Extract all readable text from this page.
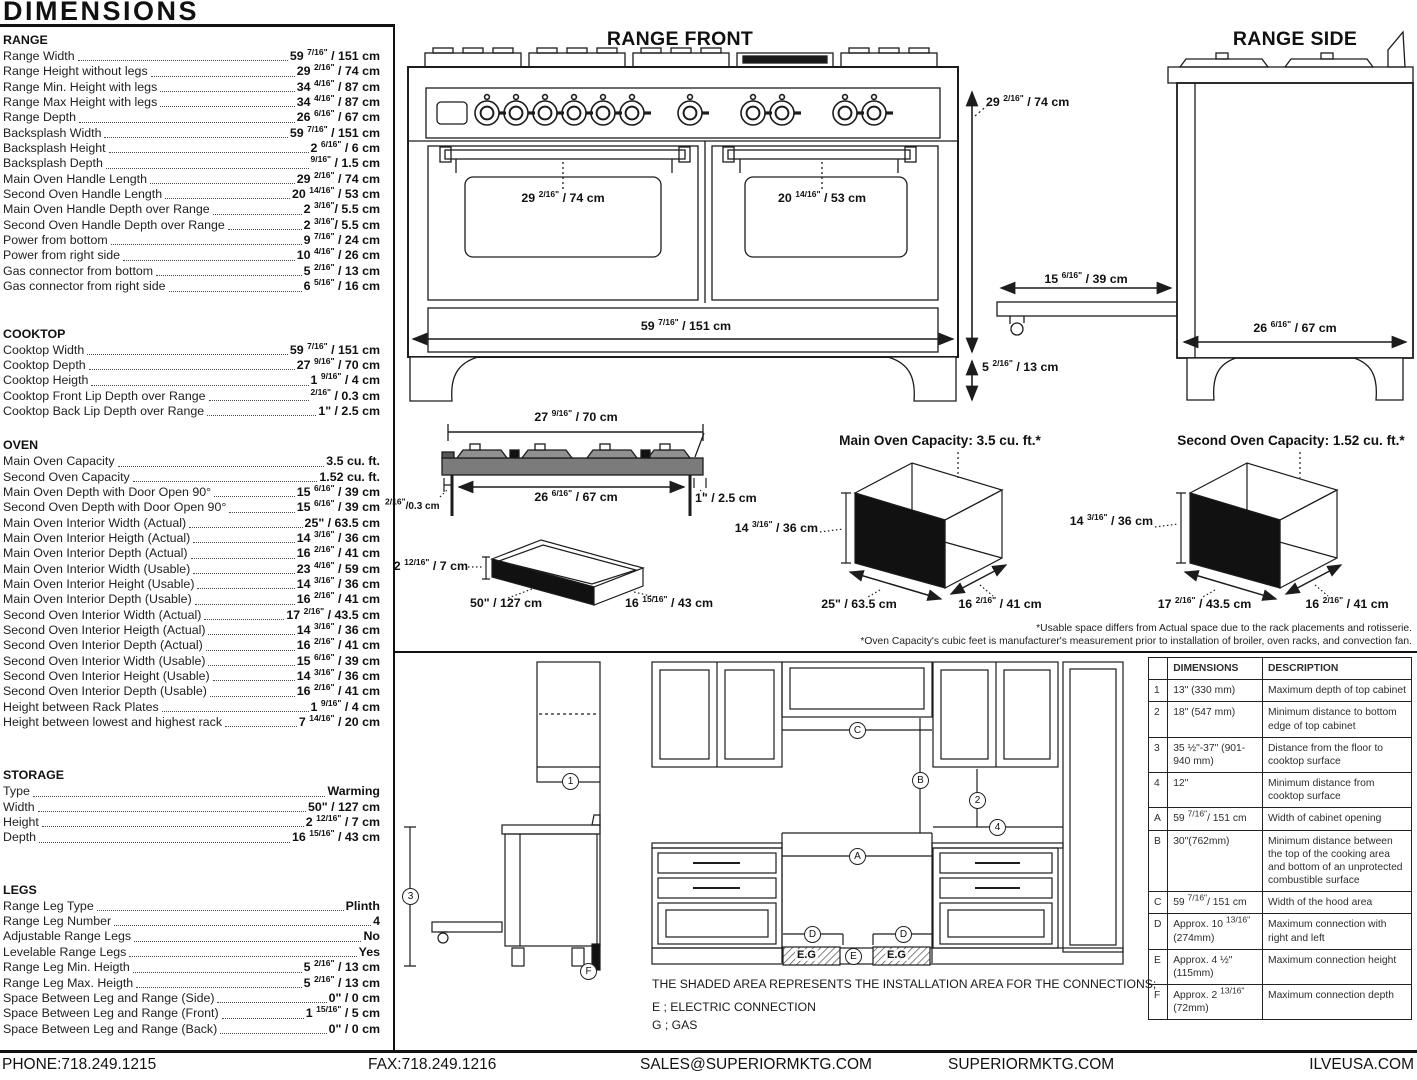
DIMENSIONS
RANGE
Range Width	59 $^{7/16"}$ / 151 cm
Range Height without legs	29 $^{2/16"}$ / 74 cm
Range Min. Height with legs	34 $^{4/16"}$ / 87 cm
Range Max Height with legs	34 $^{4/16"}$ / 87 cm
Range Depth	26 $^{6/16"}$ / 67 cm
Backsplash Width	59 $^{7/16"}$ / 151 cm
Backsplash Height	2 $^{6/16"}$ / 6 cm
Backsplash Depth	$^{9/16"}$ / 1.5 cm
Main Oven Handle Length	29 $^{2/16"}$ / 74 cm
Second Oven Handle Length	20 $^{14/16"}$ / 53 cm
Main Oven Handle Depth over Range	2 $^{3/16"}$/ 5.5 cm
Second Oven Handle Depth over Range	2 $^{3/16"}$/ 5.5 cm
Power from bottom	9 $^{7/16"}$ / 24 cm
Power from right side	10 $^{4/16"}$ / 26 cm
Gas connector from bottom	5 $^{2/16"}$ / 13 cm
Gas connector from right side	6 $^{5/16"}$ / 16 cm
COOKTOP
Cooktop Width	59 $^{7/16"}$ / 151 cm
Cooktop Depth	27 $^{9/16"}$ / 70 cm
Cooktop Heigth	1 $^{9/16"}$ / 4 cm
Cooktop Front Lip Depth over Range	$^{2/16"}$ / 0.3 cm
Cooktop Back Lip Depth over Range	1" / 2.5 cm
OVEN
Main Oven Capacity	3.5 cu. ft.
Second Oven Capacity	1.52 cu. ft.
Main Oven Depth with Door Open 90°	15 $^{6/16"}$ / 39 cm
Second Oven Depth with Door Open 90°	15 $^{6/16"}$ / 39 cm
Main Oven Interior Width (Actual)	25" / 63.5 cm
Main Oven Interior Heigth (Actual)	14 $^{3/16"}$ / 36 cm
Main Oven Interior Depth (Actual)	16 $^{2/16"}$ / 41 cm
Main Oven Interior Width (Usable)	23 $^{4/16"}$ / 59 cm
Main Oven Interior Height (Usable)	14 $^{3/16"}$ / 36 cm
Main Oven Interior Depth (Usable)	16 $^{2/16"}$ / 41 cm
Second Oven Interior Width (Actual)	17 $^{2/16"}$ / 43.5 cm
Second Oven Interior Heigth (Actual)	14 $^{3/16"}$ / 36 cm
Second Oven Interior Depth (Actual)	16 $^{2/16"}$ / 41 cm
Second Oven Interior Width (Usable)	15 $^{6/16"}$ / 39 cm
Second Oven Interior Height (Usable)	14 $^{3/16"}$ / 36 cm
Second Oven Interior Depth (Usable)	16 $^{2/16"}$ / 41 cm
Height between Rack Plates	1 $^{9/16"}$ / 4 cm
Height between lowest and highest rack	7 $^{14/16"}$ / 20 cm
STORAGE
Type	Warming
Width	50" / 127 cm
Height	2 $^{12/16"}$ / 7 cm
Depth	16 $^{15/16"}$ / 43 cm
LEGS
Range Leg Type	Plinth
Range Leg Number	4
Adjustable Range Legs	No
Levelable Range Legs	Yes
Range Leg Min. Heigth	5 $^{2/16"}$ / 13 cm
Range Leg Max. Heigth	5 $^{2/16"}$ / 13 cm
Space Between Leg and Range (Side)	0" / 0 cm
Space Between Leg and Range (Front)	1 $^{15/16"}$ / 5 cm
Space Between Leg and Range (Back)	0" / 0 cm
RANGE FRONT	RANGE SIDE
29 $^{2/16"}$ / 74 cm	20 $^{14/16"}$ / 53 cm
59 $^{7/16"}$ / 151 cm
29 $^{2/16"}$ / 74 cm
5 $^{2/16"}$ / 13 cm
15 $^{6/16"}$ / 39 cm
26 $^{6/16"}$ / 67 cm
27 $^{9/16"}$ / 70 cm
26 $^{6/16"}$ / 67 cm
$^{2/16"}$/0.3 cm
1" / 2.5 cm
2 $^{12/16"}$ / 7 cm
50" / 127 cm	16 $^{15/16"}$ / 43 cm
Main Oven Capacity: 3.5 cu. ft.*
14 $^{3/16"}$ / 36 cm
25" / 63.5 cm	16 $^{2/16"}$ / 41 cm
Second Oven Capacity: 1.52 cu. ft.*
14 $^{3/16"}$ / 36 cm
17 $^{2/16"}$ / 43.5 cm	16 $^{2/16"}$ / 41 cm
*Usable space differs from Actual space due to the rack placements and rotisserie.
*Oven Capacity's cubic feet is manufacturer's measurement prior to installation of broiler, oven racks, and convection fan.
1
3
F
C
B
2
4
A
D	D
E
E.G	E.G
THE SHADED AREA REPRESENTS THE INSTALLATION AREA FOR THE CONNECTIONS;
E ; ELECTRIC CONNECTION
G ; GAS
	DIMENSIONS	DESCRIPTION
1	13" (330 mm)	Maximum depth of top cabinet
2	18" (547 mm)	Minimum distance to bottom edge of top cabinet
3	35 ½"-37" (901-940 mm)	Distance from the floor to cooktop surface
4	12"	Minimum distance from cooktop surface
A	59 $^{7/16"}$/ 151 cm	Width of cabinet opening
B	30"(762mm)	Minimum distance between the top of the cooking area and bottom of an unprotected combustible surface
C	59 $^{7/16"}$/ 151 cm	Width of the hood area
D	Approx. 10 $^{13/16"}$ (274mm)	Maximum connection with right and left
E	Approx. 4 ½" (115mm)	Maximum connection height
F	Approx. 2 $^{13/16"}$ (72mm)	Maximum connection depth
PHONE:718.249.1215	FAX:718.249.1216	SALES@SUPERIORMKTG.COM	SUPERIORMKTG.COM	ILVEUSA.COM
